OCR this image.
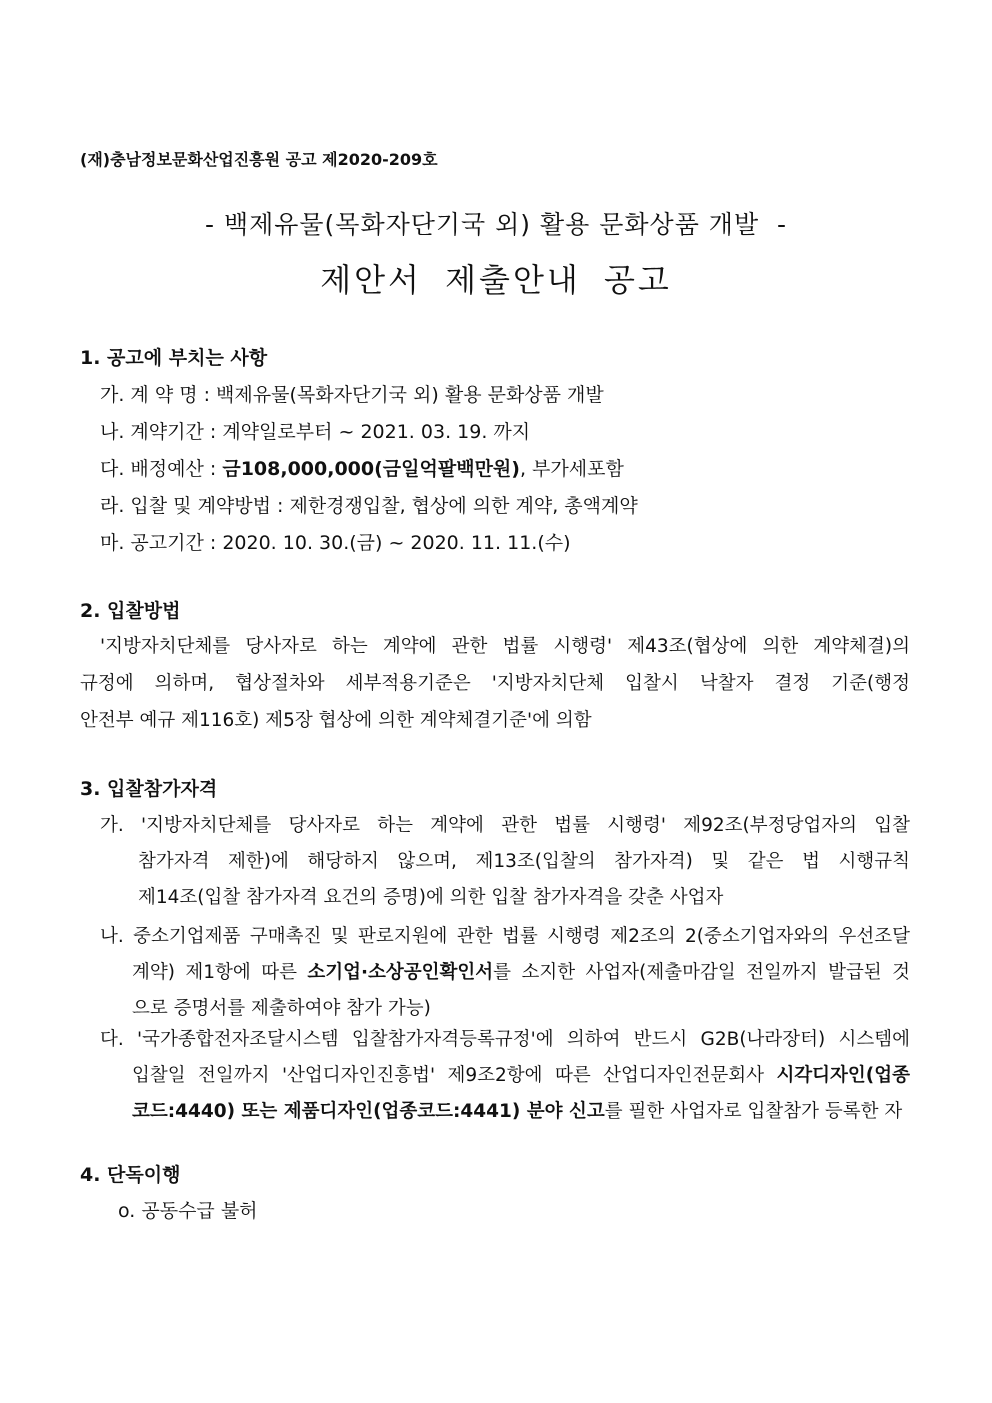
(재)충남정보문화산업진흥원 공고 제2020-209호
- 백제유물(목화자단기국 외) 활용 문화상품 개발  -
제안서 제출안내 공고
1. 공고에 부치는 사항
가. 계 약 명 : 백제유물(목화자단기국 외) 활용 문화상품 개발
나. 계약기간 : 계약일로부터 ~ 2021. 03. 19. 까지
다. 배정예산 : 금108,000,000(금일억팔백만원), 부가세포함
라. 입찰 및 계약방법 : 제한경쟁입찰, 협상에 의한 계약, 총액계약
마. 공고기간 : 2020. 10. 30.(금) ~ 2020. 11. 11.(수)
2. 입찰방법
'지방자치단체를 당사자로 하는 계약에 관한 법률 시행령' 제43조(협상에 의한 계약체결)의
규정에 의하며, 협상절차와 세부적용기준은 '지방자치단체 입찰시 낙찰자 결정 기준(행정
안전부 예규 제116호) 제5장 협상에 의한 계약체결기준'에 의함
3. 입찰참가자격
가. '지방자치단체를 당사자로 하는 계약에 관한 법률 시행령' 제92조(부정당업자의 입찰
참가자격 제한)에 해당하지 않으며, 제13조(입찰의 참가자격) 및 같은 법 시행규칙
제14조(입찰 참가자격 요건의 증명)에 의한 입찰 참가자격을 갖춘 사업자
나. 중소기업제품 구매촉진 및 판로지원에 관한 법률 시행령 제2조의 2(중소기업자와의 우선조달
계약) 제1항에 따른 소기업·소상공인확인서를 소지한 사업자(제출마감일 전일까지 발급된 것
으로 증명서를 제출하여야 참가 가능)
다. '국가종합전자조달시스템 입찰참가자격등록규정'에 의하여 반드시 G2B(나라장터) 시스템에
입찰일 전일까지 '산업디자인진흥법' 제9조2항에 따른 산업디자인전문회사 시각디자인(업종
코드:4440) 또는 제품디자인(업종코드:4441) 분야 신고를 필한 사업자로 입찰참가 등록한 자
4. 단독이행
o. 공동수급 불허
